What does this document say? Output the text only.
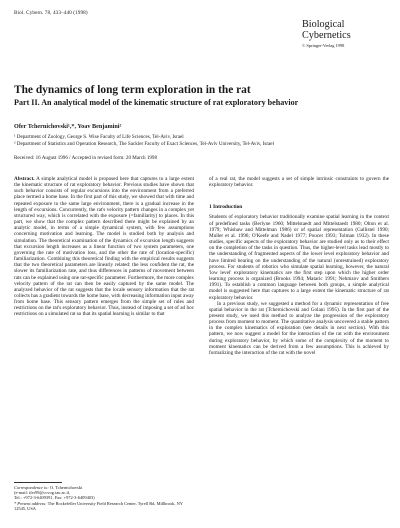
Biol. Cybern. 78, 433–440 (1998)
Biological
Cybernetics
© Springer-Verlag 1998
The dynamics of long term exploration in the rat
Part II. An analytical model of the kinematic structure of rat exploratory behavior
Ofer Tchernichovski¹,*, Yoav Benjamini²
¹ Department of Zoology, George S. Wise Faculty of Life Sciences, Tel-Aviv, Israel
² Department of Statistics and Operation Research, The Sackler Faculty of Exact Sciences, Tel-Aviv University, Tel-Aviv, Israel
Received: 16 August 1996 / Accepted in revised form: 20 March 1998
Abstract. A simple analytical model is proposed here that captures to a large extent the kinematic structure of rat exploratory behavior. Previous studies have shown that such behavior consists of regular excursions into the environment from a preferred place termed a home base. In the first part of this study, we showed that with time and repeated exposure to the same large environment, there is a gradual increase in the length of excursions. Concurrently, the rat's velocity pattern changes in a complex yet structured way, which is correlated with the exposure (=familiarity) to places. In this part, we show that the complex pattern described there might be explained by an analytic model, in terms of a simple dynamical system, with few assumptions concerning motivation and learning. The model is studied both by analysis and simulation. The theoretical examination of the dynamics of excursion length suggests that excursion length increases as a linear function of two system parameters, one governing the rate of motivation loss, and the other the rate of (location-specific) familiarization. Combining this theoretical finding with the empirical results suggests that the two theoretical parameters are linearly related: the less confident the rat, the slower its familiarization rate, and thus differences in patterns of movement between rats can be explained using one rat-specific parameter. Furthermore, the more complex velocity pattern of the rat can then be easily captured by the same model. The analyzed behavior of the rat suggests that the locale sensory information that the rat collects has a gradient towards the home base, with decreasing information input away from home base. This sensory pattern emerges from the simple set of rules and restrictions on the rat's exploratory behavior. Thus, instead of imposing a set of ad hoc restrictions on a simulated rat so that its spatial learning is similar to that
of a real rat, the model suggests a set of simple intrinsic constraints to govern the exploratory behavior.
1 Introduction
Students of exploratory behavior traditionally examine spatial learning in the context of predefined tasks (Berlyne 1960; Mittelstaedt and Mittelstaedt 1980; Olton et al. 1979; Whishaw and Mittelman 1986) or of spatial representation (Gallistel 1990; Muller et al. 1996; O'Keefe and Nadel 1977; Poucet 1993; Tolman 1932). In these studies, specific aspects of the exploratory behavior are studied only as to their effect on the completion of the tasks in question. Thus, the higher-level tasks lead mostly to the understanding of fragmented aspects of the lower level exploratory behavior and have limited bearing on the understanding of the natural (unrestrained) exploratory process. For students of robotics who simulate spatial learning, however, the natural 'low level' exploratory kinematics are the first step upon which the higher order learning process is organized (Brooks 1994; Mataric 1991; Nehmzov and Smithers 1991). To establish a common language between both groups, a simple analytical model is suggested here that captures to a large extent the kinematic structure of rat exploratory behavior.
In a previous study, we suggested a method for a dynamic representation of free spatial behavior in the rat (Tchernichovski and Golani 1995). In the first part of the present study, we used this method to analyze the progression of the exploratory process from moment to moment. The quantitative analysis uncovered a stable pattern in the complex kinematics of exploration (see details in next section). With this pattern, we now suggest a model for the interaction of the rat with the environment during exploratory behavior, by which some of the complexity of the moment to moment kinematics can be derived from a few assumptions. This is achieved by formalizing the interaction of the rat with the novel
Correspondence to: O. Tchernichovski
(e-mail: ifer99@ccvog.tau.ac.il,
Tel.: +972-3-6409391, Fax: +972-3-6409403)
* Present address: The Rockefeller University Field Research Center, Tyrell Rd, Millbrook, NY 12545, USA
